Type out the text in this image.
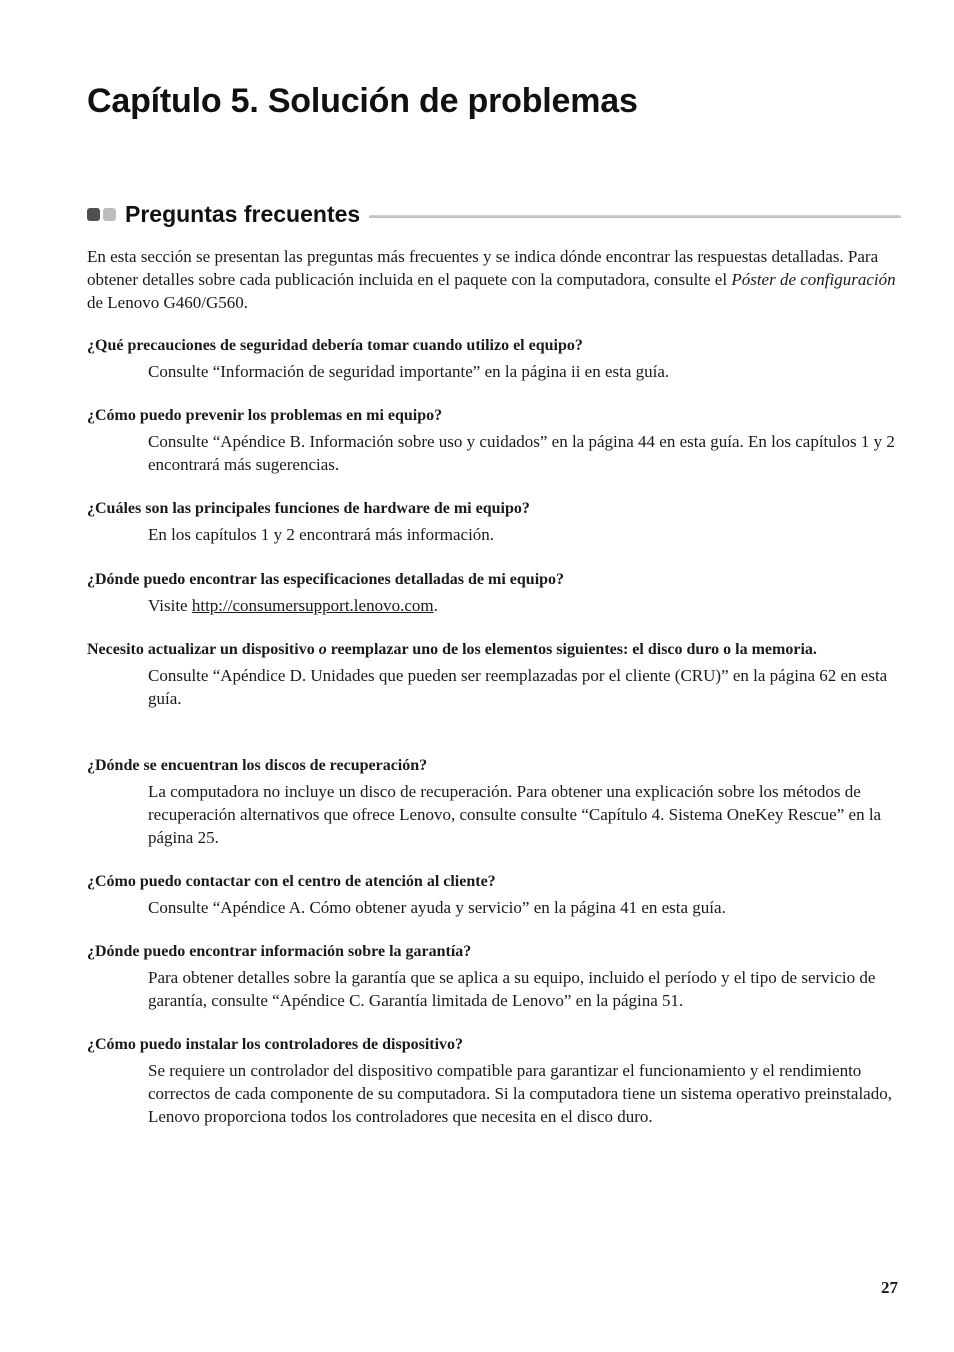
Capítulo 5. Solución de problemas
Preguntas frecuentes

En esta sección se presentan las preguntas más frecuentes y se indica dónde encontrar las respuestas detalladas. Para obtener detalles sobre cada publicación incluida en el paquete con la computadora, consulte el Póster de configuración de Lenovo G460/G560.

¿Qué precauciones de seguridad debería tomar cuando utilizo el equipo?

Consulte “Información de seguridad importante” en la página ii en esta guía.

¿Cómo puedo prevenir los problemas en mi equipo?

Consulte “Apéndice B. Información sobre uso y cuidados” en la página 44 en esta guía. En los capítulos 1 y 2 encontrará más sugerencias.

¿Cuáles son las principales funciones de hardware de mi equipo?

En los capítulos 1 y 2 encontrará más información.

¿Dónde puedo encontrar las especificaciones detalladas de mi equipo?

Visite http://consumersupport.lenovo.com.

Necesito actualizar un dispositivo o reemplazar uno de los elementos siguientes: el disco duro o la memoria.

Consulte “Apéndice D. Unidades que pueden ser reemplazadas por el cliente (CRU)” en la página 62 en esta guía.

¿Dónde se encuentran los discos de recuperación?

La computadora no incluye un disco de recuperación. Para obtener una explicación sobre los métodos de recuperación alternativos que ofrece Lenovo, consulte consulte “Capítulo 4. Sistema OneKey Rescue” en la página 25.

¿Cómo puedo contactar con el centro de atención al cliente?

Consulte “Apéndice A. Cómo obtener ayuda y servicio” en la página 41 en esta guía.

¿Dónde puedo encontrar información sobre la garantía?

Para obtener detalles sobre la garantía que se aplica a su equipo, incluido el período y el tipo de servicio de garantía, consulte “Apéndice C. Garantía limitada de Lenovo” en la página 51.

¿Cómo puedo instalar los controladores de dispositivo?

Se requiere un controlador del dispositivo compatible para garantizar el funcionamiento y el rendimiento correctos de cada componente de su computadora. Si la computadora tiene un sistema operativo preinstalado, Lenovo proporciona todos los controladores que necesita en el disco duro.

27
